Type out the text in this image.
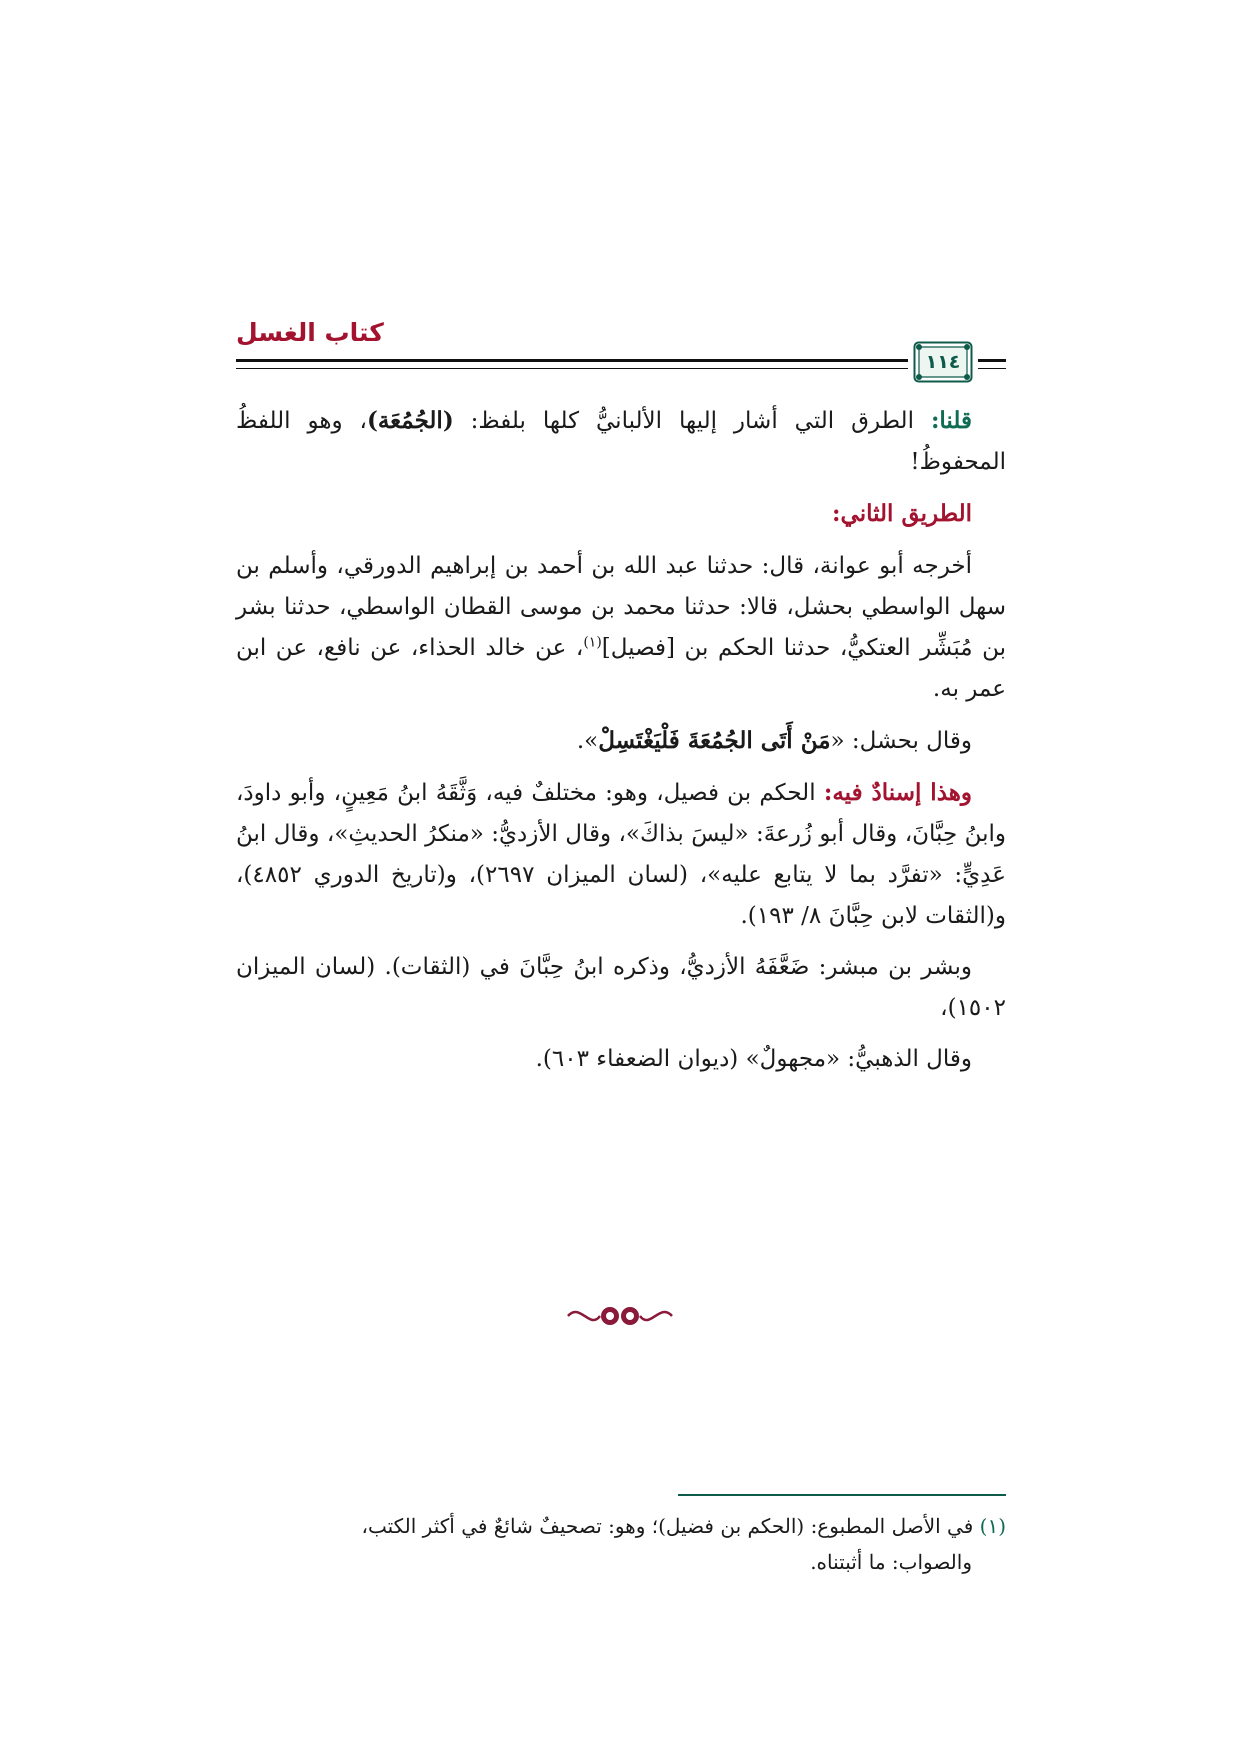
كتاب الغسل
١١٤

قلنا: الطرق التي أشار إليها الألبانيُّ كلها بلفظ: (الجُمُعَة)، وهو اللفظُ المحفوظُ!

الطريق الثاني:

أخرجه أبو عوانة، قال: حدثنا عبد الله بن أحمد بن إبراهيم الدورقي، وأسلم بن سهل الواسطي بحشل، قالا: حدثنا محمد بن موسى القطان الواسطي، حدثنا بشر بن مُبَشِّر العتكيُّ، حدثنا الحكم بن [فصيل]$^{(١)}$، عن خالد الحذاء، عن نافع، عن ابن عمر به.

وقال بحشل: «مَنْ أَتَى الجُمُعَةَ فَلْيَغْتَسِلْ».

وهذا إسنادٌ فيه: الحكم بن فصيل، وهو: مختلفٌ فيه، وَثَّقَهُ ابنُ مَعِينٍ، وأبو داودَ، وابنُ حِبَّانَ، وقال أبو زُرعةَ: «ليسَ بذاكَ»، وقال الأزديُّ: «منكرُ الحديثِ»، وقال ابنُ عَدِيٍّ: «تفرَّد بما لا يتابع عليه»، (لسان الميزان ٢٦٩٧)، و(تاريخ الدوري ٤٨٥٢)، و(الثقات لابن حِبَّانَ ٨/ ١٩٣).

وبشر بن مبشر: ضَعَّفَهُ الأزديُّ، وذكره ابنُ حِبَّانَ في (الثقات). (لسان الميزان ١٥٠٢)،

وقال الذهبيُّ: «مجهولٌ» (ديوان الضعفاء ٦٠٣).

(١) في الأصل المطبوع: (الحكم بن فضيل)؛ وهو: تصحيفٌ شائعٌ في أكثر الكتب،

والصواب: ما أثبتناه.
